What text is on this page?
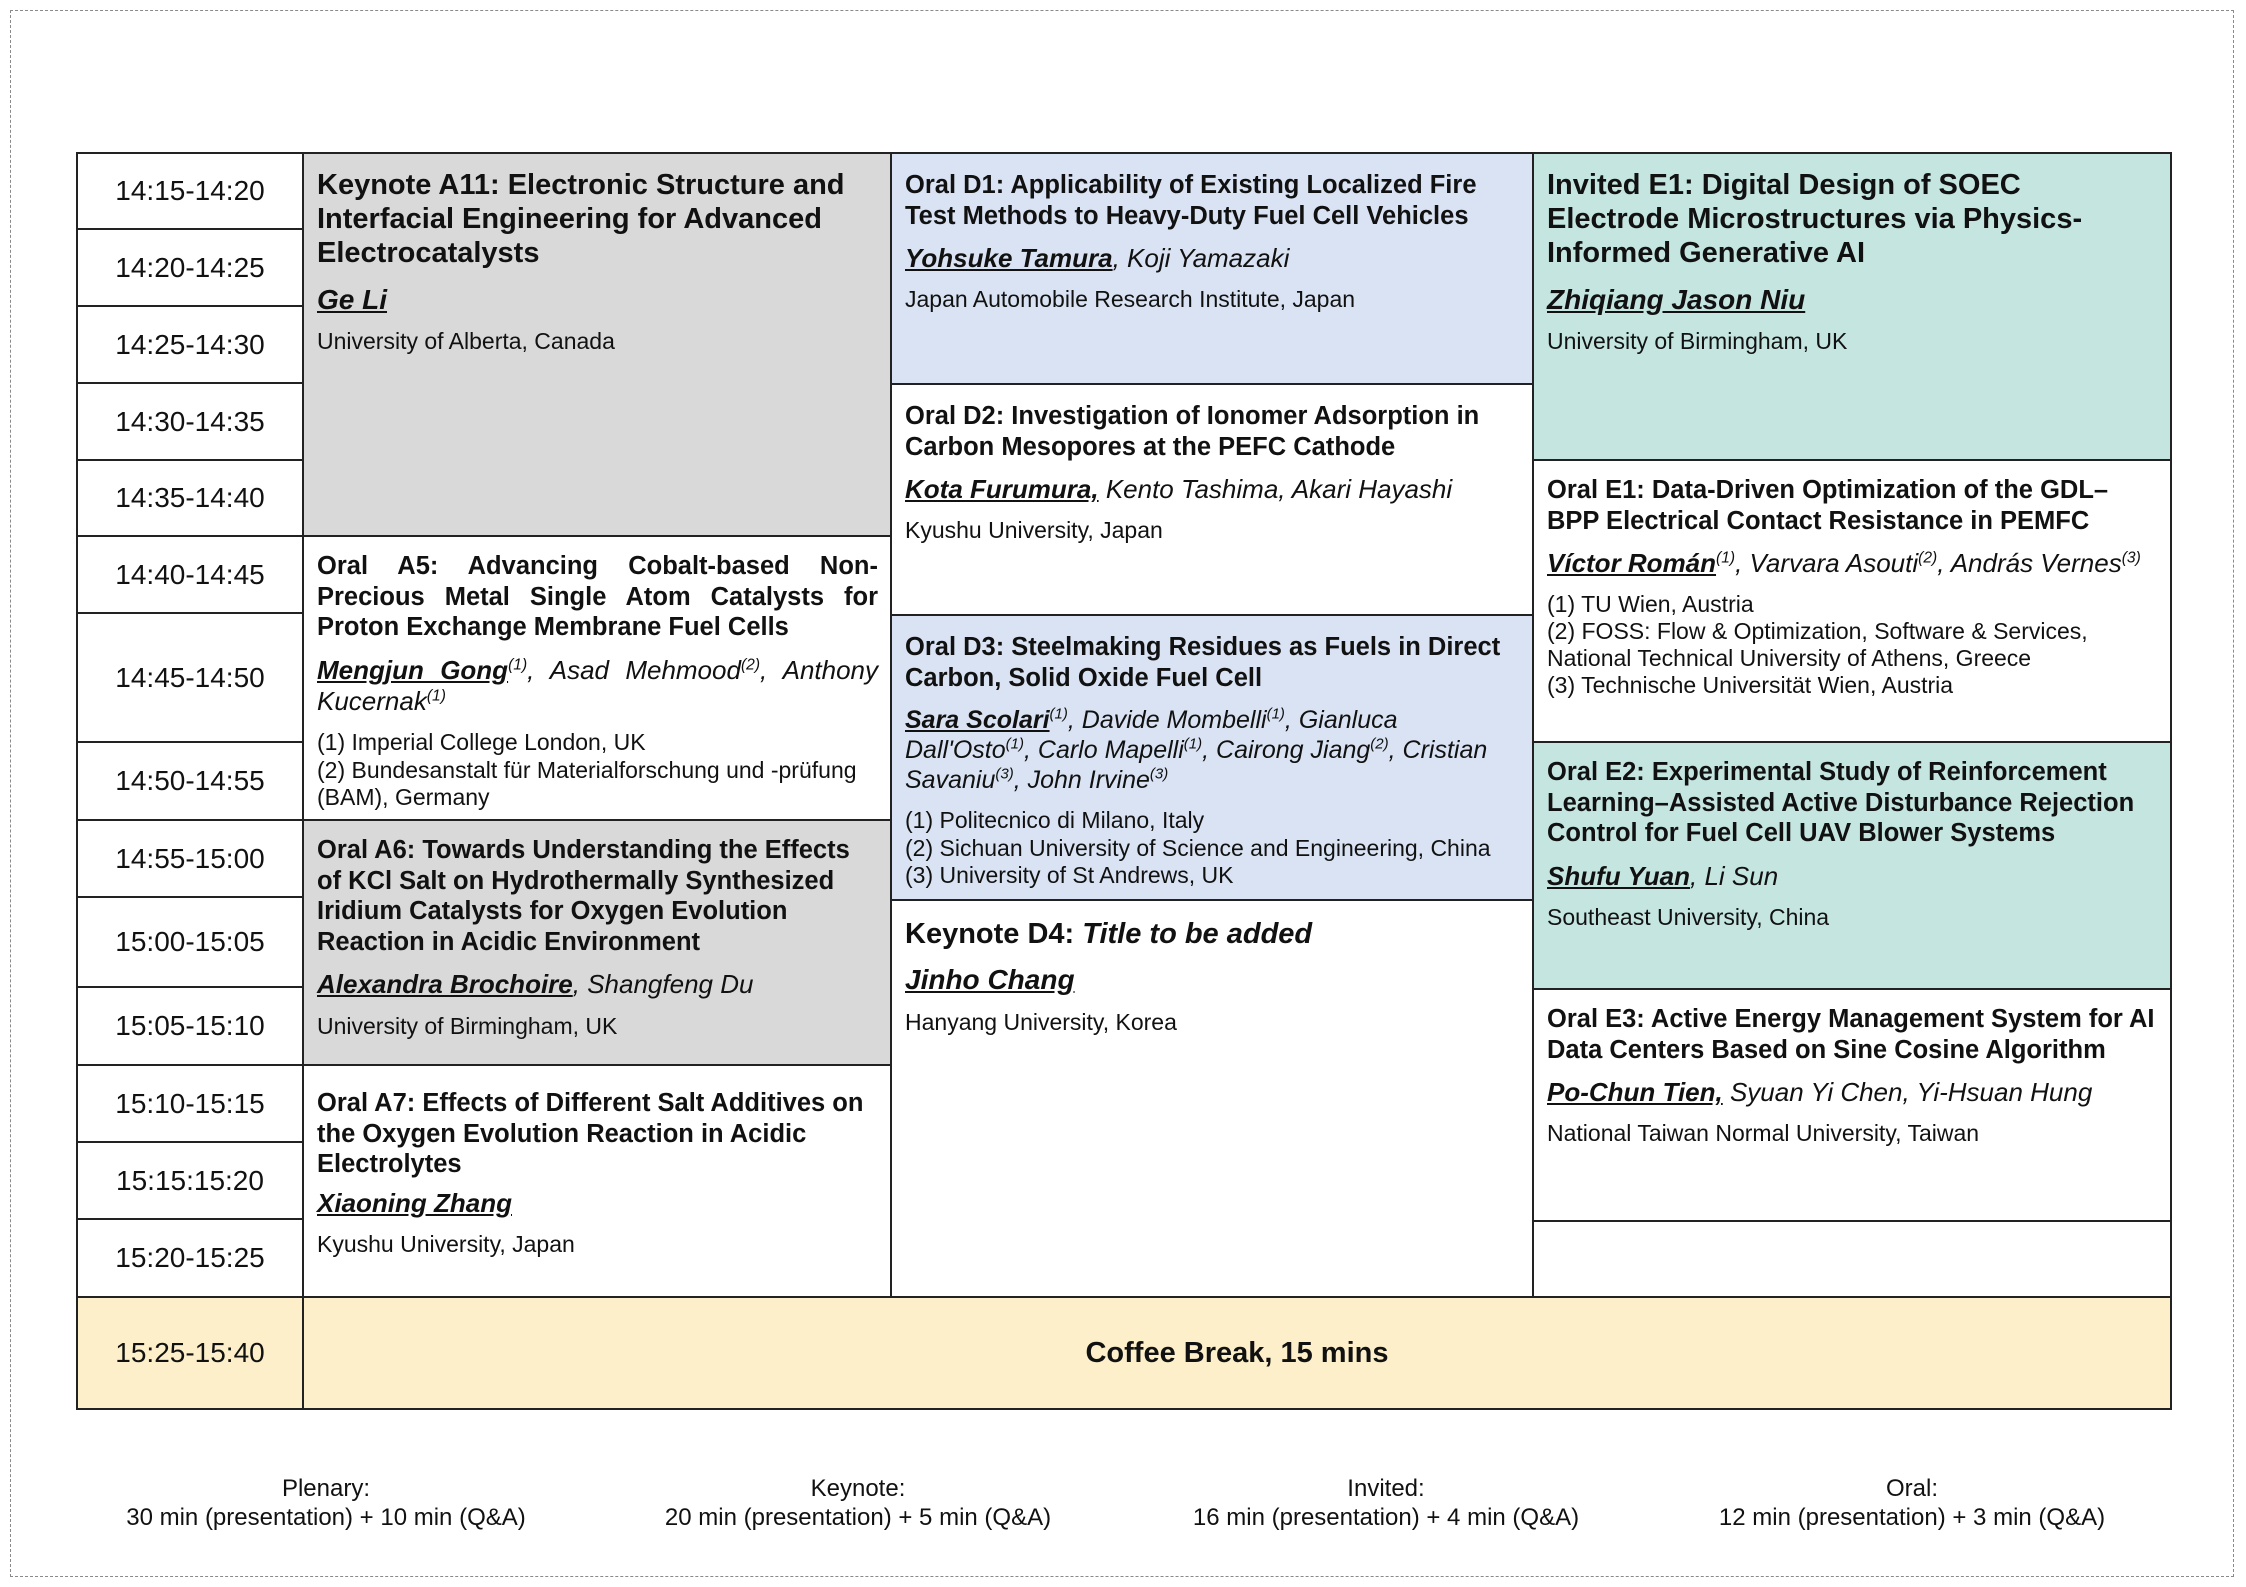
14:15-14:20
14:20-14:25
14:25-14:30
14:30-14:35
14:35-14:40
14:40-14:45
14:45-14:50
14:50-14:55
14:55-15:00
15:00-15:05
15:05-15:10
15:10-15:15
15:15:15:20
15:20-15:25
15:25-15:40
Keynote A11: Electronic Structure and Interfacial Engineering for Advanced Electrocatalysts
Ge Li
University of Alberta, Canada
Oral A5: Advancing Cobalt-based Non-Precious Metal Single Atom Catalysts for Proton Exchange Membrane Fuel Cells
Mengjun Gong$^{(1)}$, Asad Mehmood$^{(2)}$, Anthony Kucernak$^{(1)}$
(1) Imperial College London, UK
(2) Bundesanstalt für Materialforschung und -prüfung (BAM), Germany
Oral A6: Towards Understanding the Effects of KCl Salt on Hydrothermally Synthesized Iridium Catalysts for Oxygen Evolution Reaction in Acidic Environment
Alexandra Brochoire, Shangfeng Du
University of Birmingham, UK
Oral A7: Effects of Different Salt Additives on the Oxygen Evolution Reaction in Acidic Electrolytes
Xiaoning Zhang
Kyushu University, Japan
Oral D1: Applicability of Existing Localized Fire Test Methods to Heavy-Duty Fuel Cell Vehicles
Yohsuke Tamura, Koji Yamazaki
Japan Automobile Research Institute, Japan
Oral D2: Investigation of Ionomer Adsorption in Carbon Mesopores at the PEFC Cathode
Kota Furumura, Kento Tashima, Akari Hayashi
Kyushu University, Japan
Oral D3: Steelmaking Residues as Fuels in Direct Carbon, Solid Oxide Fuel Cell
Sara Scolari$^{(1)}$, Davide Mombelli$^{(1)}$, Gianluca Dall'Osto$^{(1)}$, Carlo Mapelli$^{(1)}$, Cairong Jiang$^{(2)}$, Cristian Savaniu$^{(3)}$, John Irvine$^{(3)}$
(1) Politecnico di Milano, Italy
(2) Sichuan University of Science and Engineering, China
(3) University of St Andrews, UK
Keynote D4: Title to be added
Jinho Chang
Hanyang University, Korea
Invited E1: Digital Design of SOEC Electrode Microstructures via Physics-Informed Generative AI
Zhiqiang Jason Niu
University of Birmingham, UK
Oral E1: Data-Driven Optimization of the GDL–BPP Electrical Contact Resistance in PEMFC
Víctor Román$^{(1)}$, Varvara Asouti$^{(2)}$, András Vernes$^{(3)}$
(1) TU Wien, Austria
(2) FOSS: Flow & Optimization, Software & Services, National Technical University of Athens, Greece
(3) Technische Universität Wien, Austria
Oral E2: Experimental Study of Reinforcement Learning–Assisted Active Disturbance Rejection Control for Fuel Cell UAV Blower Systems
Shufu Yuan, Li Sun
Southeast University, China
Oral E3: Active Energy Management System for AI Data Centers Based on Sine Cosine Algorithm
Po-Chun Tien, Syuan Yi Chen, Yi-Hsuan Hung
National Taiwan Normal University, Taiwan
Coffee Break, 15 mins
Plenary:
30 min (presentation) + 10 min (Q&A)
Keynote:
20 min (presentation) + 5 min (Q&A)
Invited:
16 min (presentation) + 4 min (Q&A)
Oral:
12 min (presentation) + 3 min (Q&A)
